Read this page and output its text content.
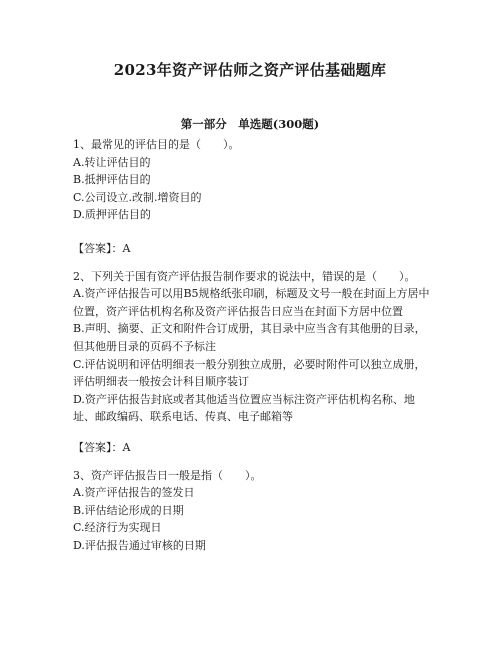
2023年资产评估师之资产评估基础题库
第一部分　单选题(300题)

1、最常见的评估目的是（　　）。

A.转让评估目的

B.抵押评估目的

C.公司设立.改制.增资目的

D.质押评估目的

【答案】：A

2、下列关于国有资产评估报告制作要求的说法中，错误的是（　　）。

A.资产评估报告可以用B5规格纸张印刷，标题及文号一般在封面上方居中位置，资产评估机构名称及资产评估报告日应当在封面下方居中位置

B.声明、摘要、正文和附件合订成册，其目录中应当含有其他册的目录，但其他册目录的页码不予标注

C.评估说明和评估明细表一般分别独立成册，必要时附件可以独立成册，评估明细表一般按会计科目顺序装订

D.资产评估报告封底或者其他适当位置应当标注资产评估机构名称、地址、邮政编码、联系电话、传真、电子邮箱等

【答案】：A

3、资产评估报告日一般是指（　　）。

A.资产评估报告的签发日

B.评估结论形成的日期

C.经济行为实现日

D.评估报告通过审核的日期
